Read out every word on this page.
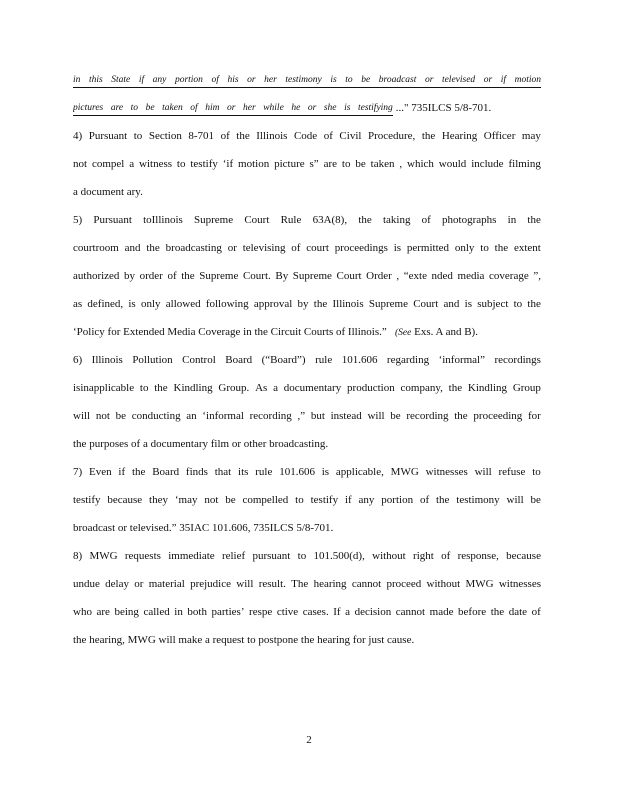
in this State if any portion of his or her testimony is to be broadcast or televised or if motion
pictures are to be taken of him or her while he or she is testifying ..." 735ILCS 5/8-701.
4) Pursuant to Section 8-701 of the Illinois Code of Civil Procedure, the Hearing Officer may
not compel a witness to testify ‘if motion picture s” are to be taken , which would include filming
a document ary.
5) Pursuant toIllinois Supreme Court Rule 63A(8), the taking of photographs in the
courtroom and the broadcasting or televising of court proceedings is permitted only to the extent
authorized by order of the Supreme Court. By Supreme Court Order , “exte nded media coverage ”,
as defined, is only allowed following approval by the Illinois Supreme Court and is subject to the
‘Policy for Extended Media Coverage in the Circuit Courts of Illinois.” (See Exs. A and B).
6) Illinois Pollution Control Board (“Board”) rule 101.606 regarding ‘informal” recordings
isinapplicable to the Kindling Group. As a documentary production company, the Kindling Group
will not be conducting an ‘informal recording ,” but instead will be recording the proceeding for
the purposes of a documentary film or other broadcasting.
7) Even if the Board finds that its rule 101.606 is applicable, MWG witnesses will refuse to
testify because they ‘may not be compelled to testify if any portion of the testimony will be
broadcast or televised.” 35IAC 101.606, 735ILCS 5/8-701.
8) MWG requests immediate relief pursuant to 101.500(d), without right of response, because
undue delay or material prejudice will result. The hearing cannot proceed without MWG witnesses
who are being called in both parties’ respe ctive cases. If a decision cannot made before the date of
the hearing, MWG will make a request to postpone the hearing for just cause.
2
